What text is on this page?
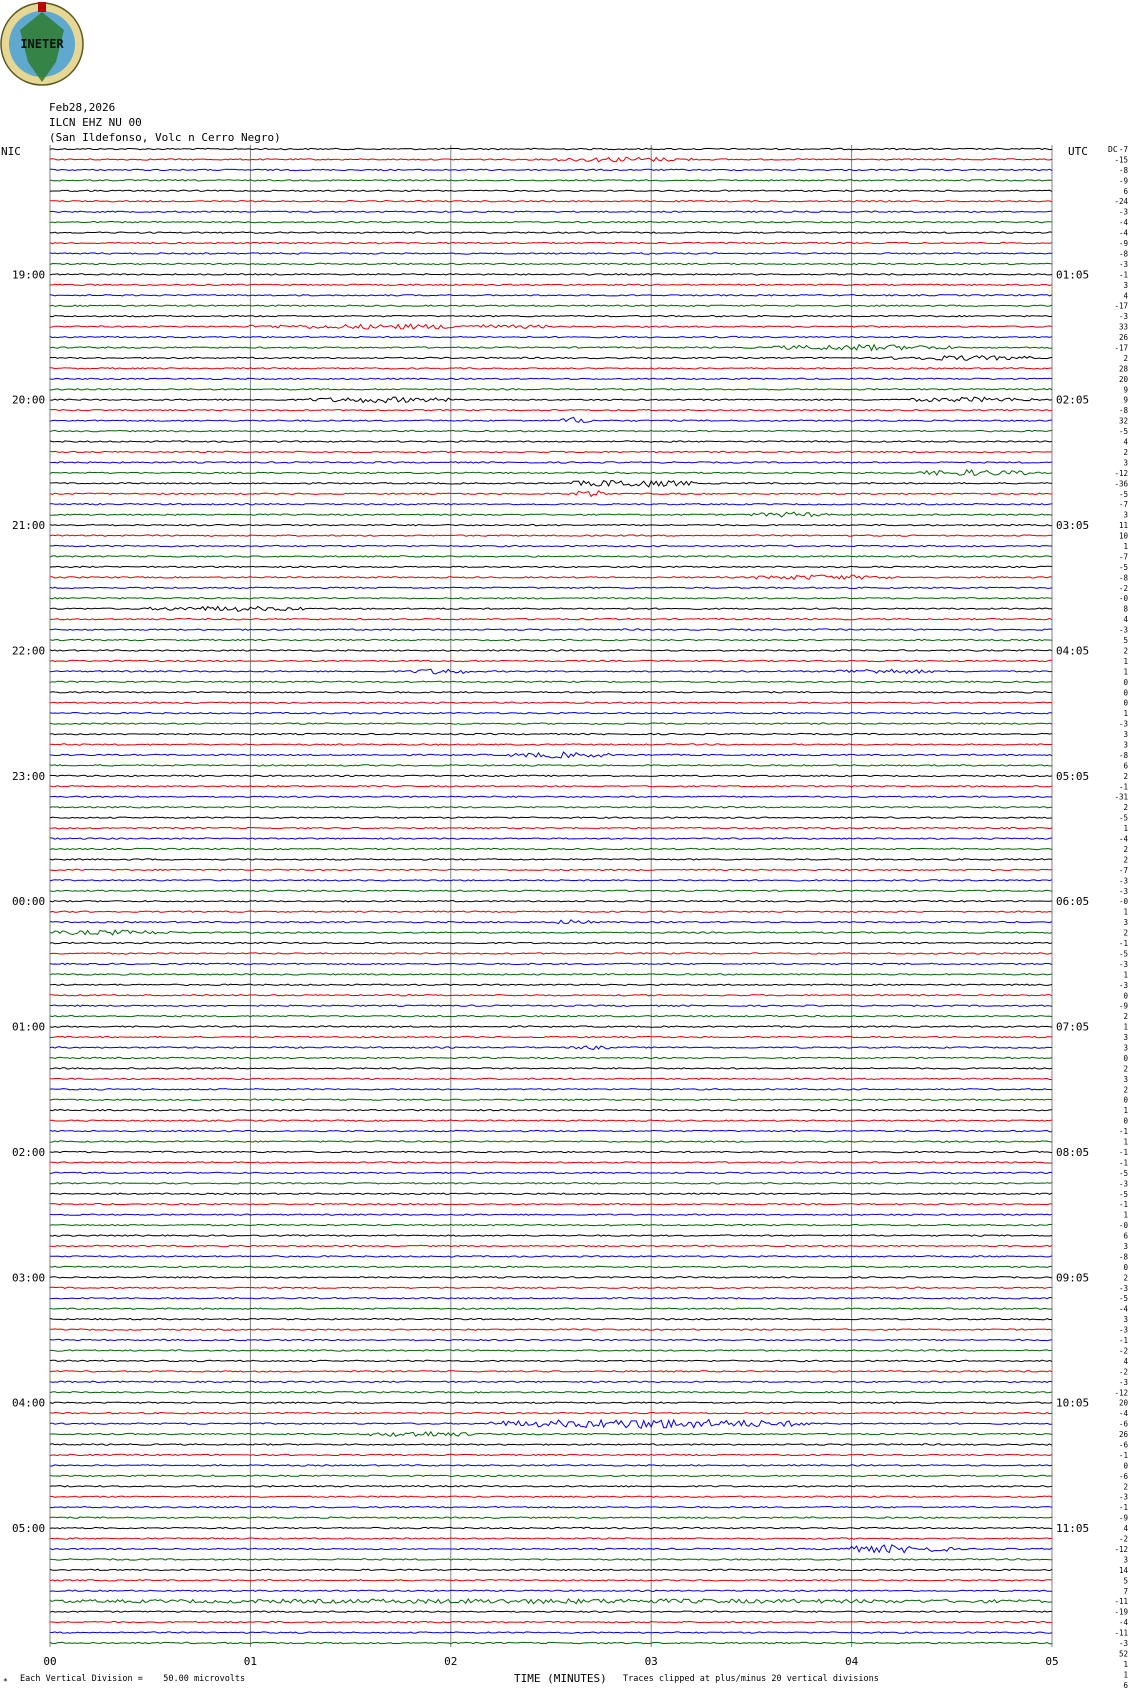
INETER
Feb28,2026
ILCN EHZ NU 00
(San Ildefonso, Volc n Cerro Negro)
NIC	UTC
19:00
20:00
21:00
22:00
23:00
00:00
01:00
02:00
03:00
04:00
05:00
01:05
02:05
03:05
04:05
05:05
06:05
07:05
08:05
09:05
10:05
11:05
DC -7
-15
-8
-9
6
-24
-3
-4
-4
-9
-8
-3
-1
3
4
-17
-3
33
26
-17
2
28
20
9
9
-8
32
-5
4
2
3
-12
-36
-5
-7
3
11
10
1
-7
-5
-8
-2
-0
8
4
-3
5
2
1
1
0
0
0
1
-3
3
3
-8
6
2
-1
-31
2
-5
1
-4
2
2
-7
-3
-3
-0
1
3
2
-1
-5
-3
1
-3
0
-9
2
1
3
3
0
2
3
2
0
1
0
-1
1
-1
-1
-5
-3
-5
-1
1
-0
6
3
-8
0
2
-3
-5
-4
3
-3
-1
-2
4
-2
-3
-12
20
-4
-6
26
-6
-1
0
-6
2
-3
-1
-9
4
-2
-12
3
14
5
7
-11
-19
-4
-11
-3
52
1
1
6
00	01	02	03	04	05
* Each Vertical Division =    50.00 microvolts	TIME (MINUTES) Traces clipped at plus/minus 20 vertical divisions
